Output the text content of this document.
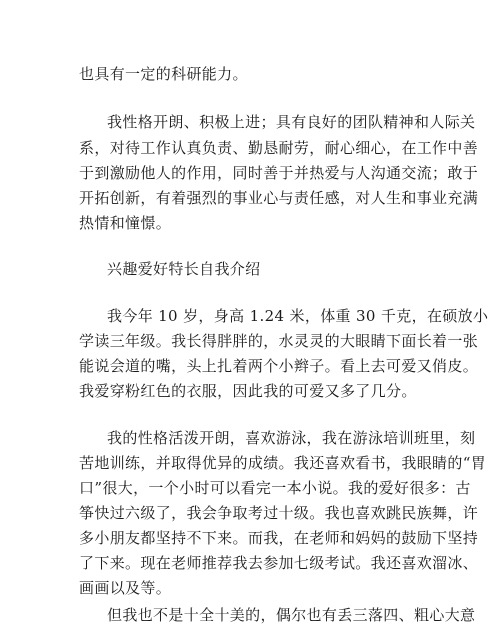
也具有一定的科研能力。
我性格开朗、积极上进；具有良好的团队精神和人际关
系，对待工作认真负责、勤恳耐劳，耐心细心，在工作中善
于到激励他人的作用，同时善于并热爱与人沟通交流；敢于
开拓创新，有着强烈的事业心与责任感，对人生和事业充满
热情和憧憬。
兴趣爱好特长自我介绍
我今年 10 岁，身高 1.24 米，体重 30 千克，在硕放小
学读三年级。我长得胖胖的，水灵灵的大眼睛下面长着一张
能说会道的嘴，头上扎着两个小辫子。看上去可爱又俏皮。
我爱穿粉红色的衣服，因此我的可爱又多了几分。
我的性格活泼开朗，喜欢游泳，我在游泳培训班里，刻
苦地训练，并取得优异的成绩。我还喜欢看书，我眼睛的“胃
口”很大，一个小时可以看完一本小说。我的爱好很多：古
筝快过六级了，我会争取考过十级。我也喜欢跳民族舞，许
多小朋友都坚持不下来。而我，在老师和妈妈的鼓励下坚持
了下来。现在老师推荐我去参加七级考试。我还喜欢溜冰、
画画以及等。
但我也不是十全十美的，偶尔也有丢三落四、粗心大意
